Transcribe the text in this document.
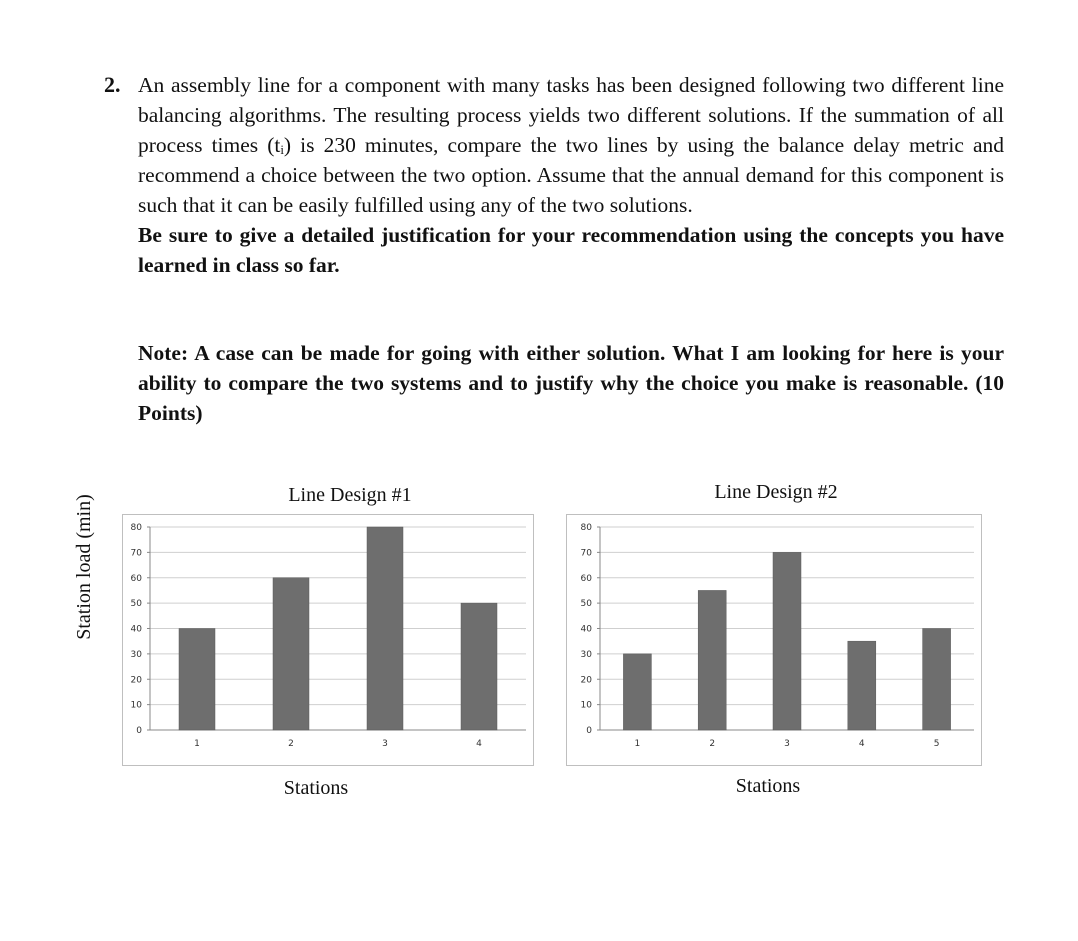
2. An assembly line for a component with many tasks has been designed following two different line balancing algorithms. The resulting process yields two different solutions. If the summation of all process times (tᵢ) is 230 minutes, compare the two lines by using the balance delay metric and recommend a choice between the two option. Assume that the annual demand for this component is such that it can be easily fulfilled using any of the two solutions.

Be sure to give a detailed justification for your recommendation using the concepts you have learned in class so far.

Note: A case can be made for going with either solution. What I am looking for here is your ability to compare the two systems and to justify why the choice you make is reasonable. (10 Points)
Line Design #1	Line Design #2
Station load (min)
0
10
20
30
40
50
60
70
80
1	2	3	4
0
10
20
30
40
50
60
70
80
1	2	3	4	5
Stations	Stations
